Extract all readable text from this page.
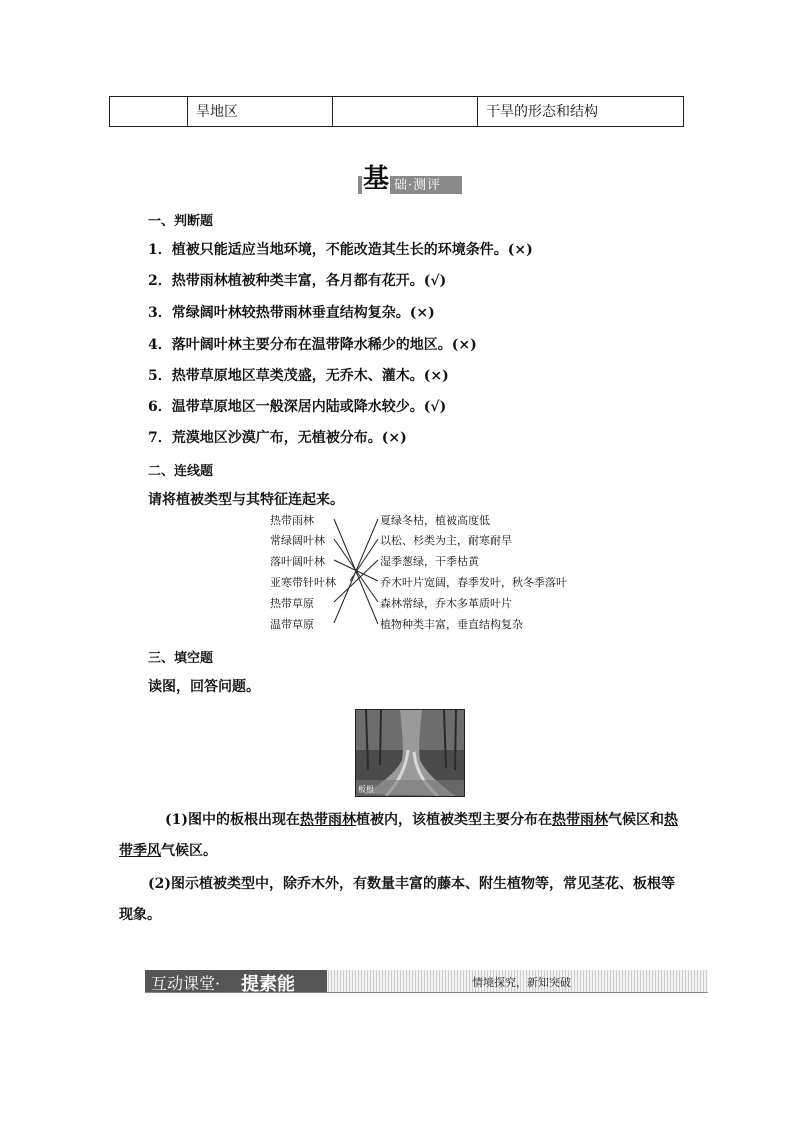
旱地区	干旱的形态和结构
基 础·测评
一、判断题
1．植被只能适应当地环境，不能改造其生长的环境条件。(×)
2．热带雨林植被种类丰富，各月都有花开。(√)
3．常绿阔叶林较热带雨林垂直结构复杂。(×)
4．落叶阔叶林主要分布在温带降水稀少的地区。(×)
5．热带草原地区草类茂盛，无乔木、灌木。(×)
6．温带草原地区一般深居内陆或降水较少。(√)
7．荒漠地区沙漠广布，无植被分布。(×)
二、连线题
请将植被类型与其特征连起来。
热带雨林
常绿阔叶林
落叶阔叶林
亚寒带针叶林
热带草原
温带草原
夏绿冬枯，植被高度低
以松、杉类为主，耐寒耐旱
湿季葱绿，干季枯黄
乔木叶片宽阔，春季发叶，秋冬季落叶
森林常绿，乔木多革质叶片
植物种类丰富，垂直结构复杂
三、填空题
读图，回答问题。
板根
(1)图中的板根出现在热带雨林植被内，该植被类型主要分布在热带雨林气候区和热
带季风气候区。
(2)图示植被类型中，除乔木外，有数量丰富的藤本、附生植物等，常见茎花、板根等
现象。
互动课堂· 提素能	情境探究，新知突破
